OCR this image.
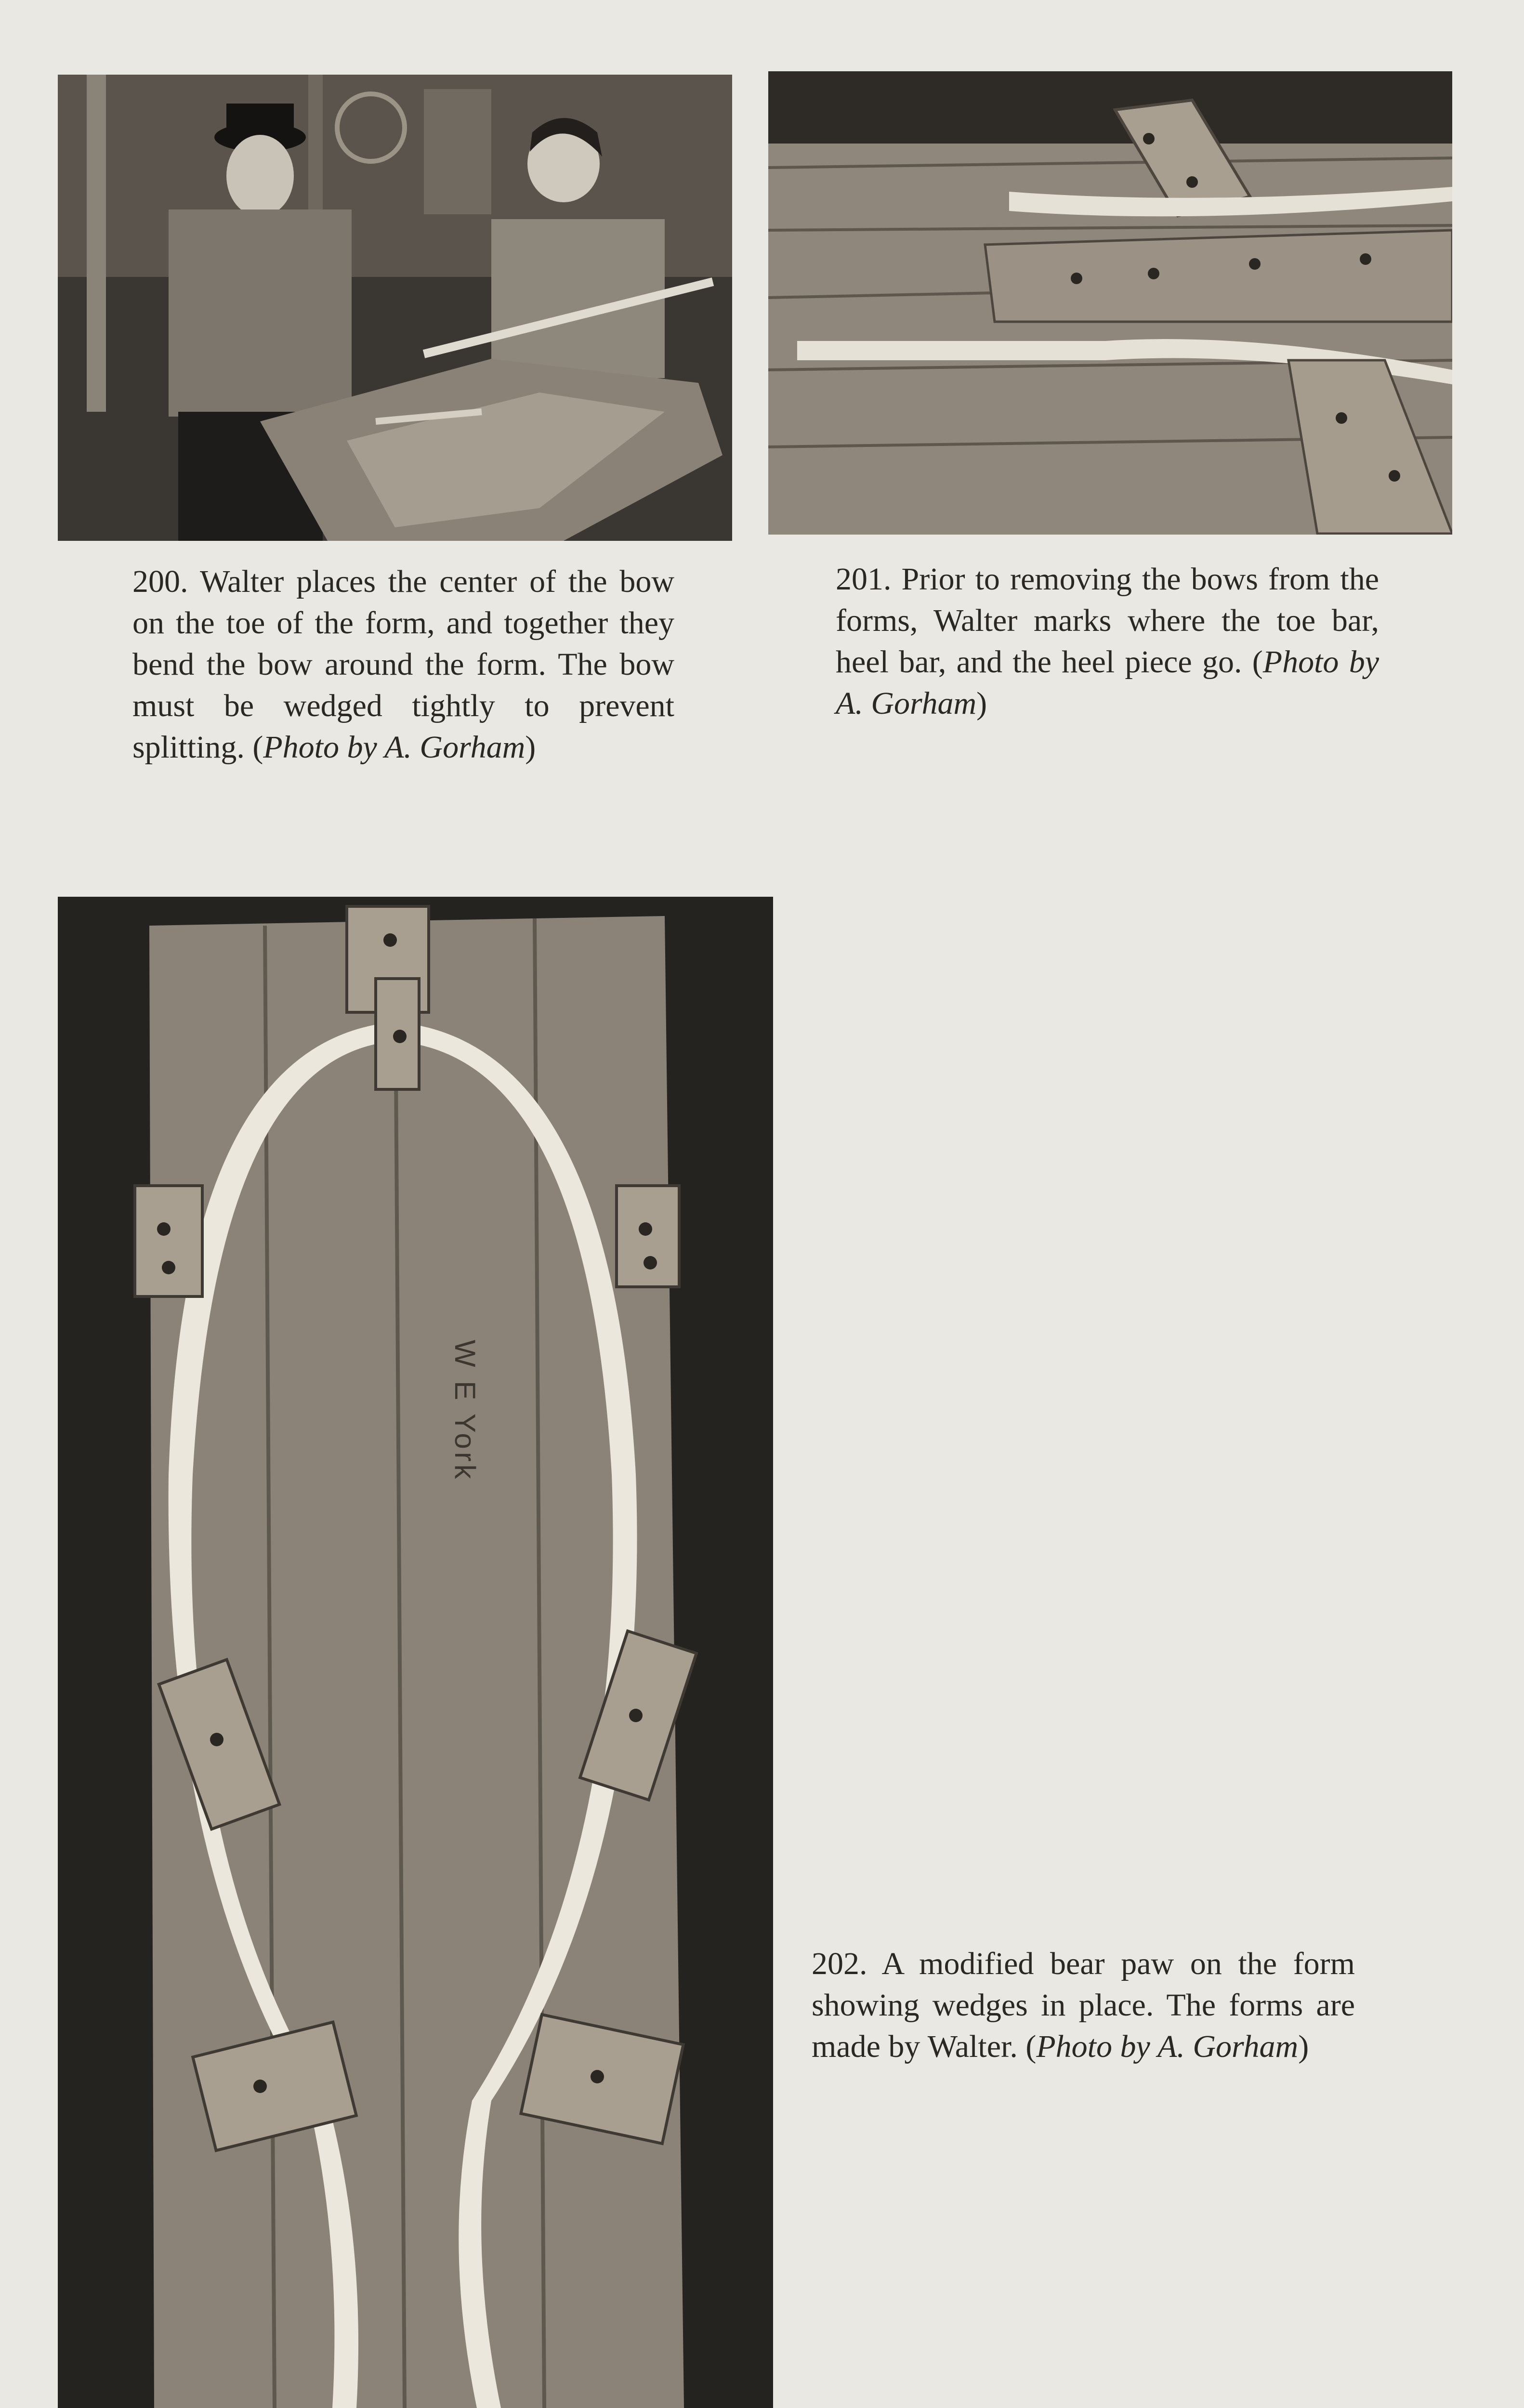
200. Walter places the center of the bow on the toe of the form, and together they bend the bow around the form. The bow must be wedged tightly to prevent splitting. (Photo by A. Gorham)
201. Prior to removing the bows from the forms, Walter marks where the toe bar, heel bar, and the heel piece go. (Photo by A. Gorham)
W E York
202. A modified bear paw on the form showing wedges in place. The forms are made by Walter. (Photo by A. Gorham)
